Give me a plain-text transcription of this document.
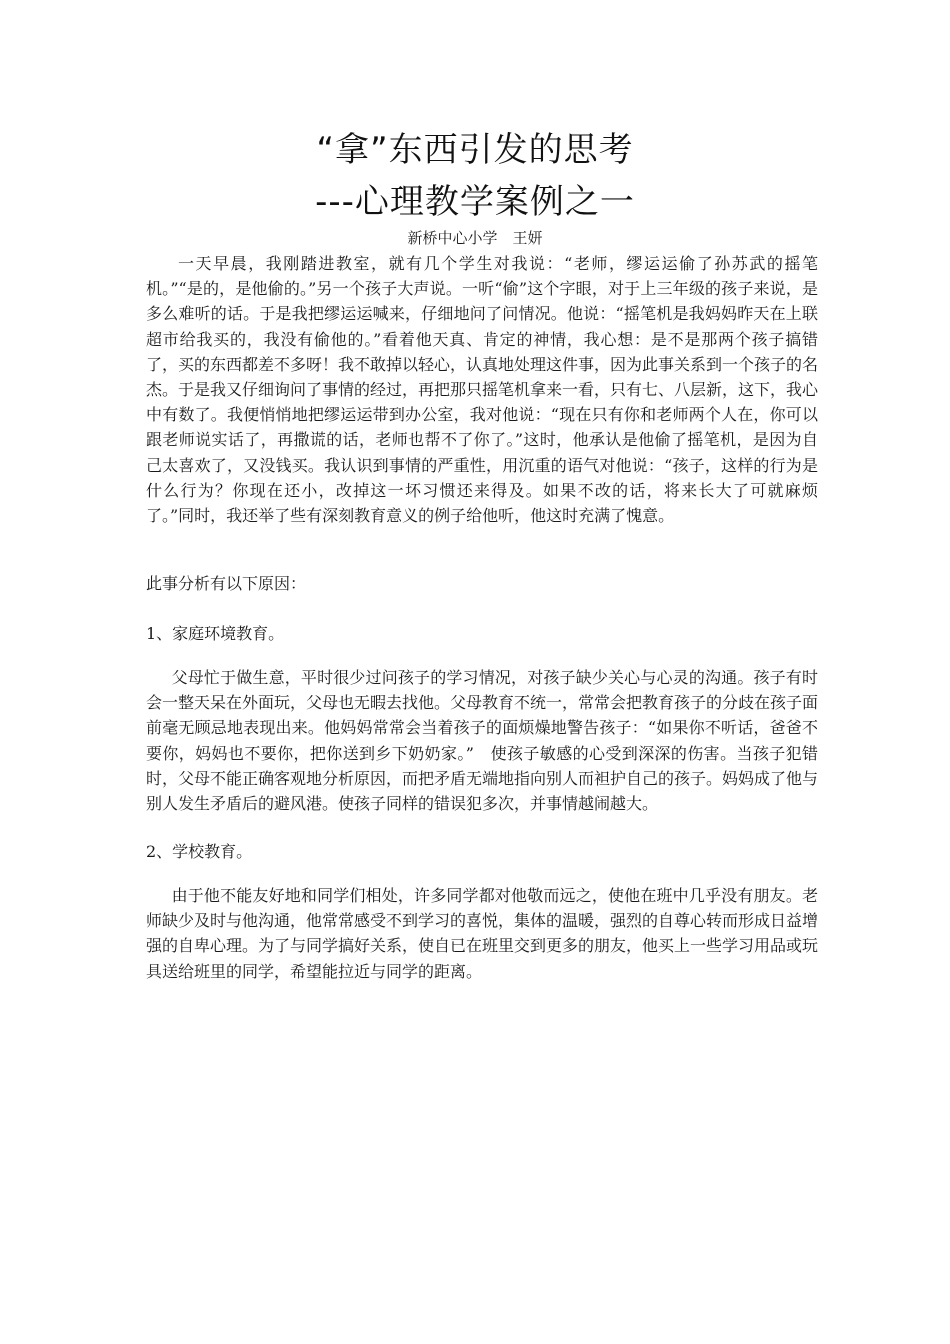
“拿”东西引发的思考
---心理教学案例之一
新桥中心小学　王妍

一天早晨，我刚踏进教室，就有几个学生对我说：“老师，缪运运偷了孙苏武的摇笔机。”“是的，是他偷的。”另一个孩子大声说。一听“偷”这个字眼，对于上三年级的孩子来说，是多么难听的话。于是我把缪运运喊来，仔细地问了问情况。他说：“摇笔机是我妈妈昨天在上联超市给我买的，我没有偷他的。”看着他天真、肯定的神情，我心想：是不是那两个孩子搞错了，买的东西都差不多呀！我不敢掉以轻心，认真地处理这件事，因为此事关系到一个孩子的名杰。于是我又仔细询问了事情的经过，再把那只摇笔机拿来一看，只有七、八层新，这下，我心中有数了。我便悄悄地把缪运运带到办公室，我对他说：“现在只有你和老师两个人在，你可以跟老师说实话了，再撒谎的话，老师也帮不了你了。”这时，他承认是他偷了摇笔机，是因为自己太喜欢了，又没钱买。我认识到事情的严重性，用沉重的语气对他说：“孩子，这样的行为是什么行为？你现在还小，改掉这一坏习惯还来得及。如果不改的话，将来长大了可就麻烦了。”同时，我还举了些有深刻教育意义的例子给他听，他这时充满了愧意。

此事分析有以下原因：

1、家庭环境教育。

父母忙于做生意，平时很少过问孩子的学习情况，对孩子缺少关心与心灵的沟通。孩子有时会一整天呆在外面玩，父母也无暇去找他。父母教育不统一，常常会把教育孩子的分歧在孩子面前毫无顾忌地表现出来。他妈妈常常会当着孩子的面烦燥地警告孩子：“如果你不听话，爸爸不要你，妈妈也不要你，把你送到乡下奶奶家。”　使孩子敏感的心受到深深的伤害。当孩子犯错时，父母不能正确客观地分析原因，而把矛盾无端地指向别人而袒护自己的孩子。妈妈成了他与别人发生矛盾后的避风港。使孩子同样的错误犯多次，并事情越闹越大。

2、学校教育。

由于他不能友好地和同学们相处，许多同学都对他敬而远之，使他在班中几乎没有朋友。老师缺少及时与他沟通，他常常感受不到学习的喜悦，集体的温暖，强烈的自尊心转而形成日益增强的自卑心理。为了与同学搞好关系，使自已在班里交到更多的朋友，他买上一些学习用品或玩具送给班里的同学，希望能拉近与同学的距离。
